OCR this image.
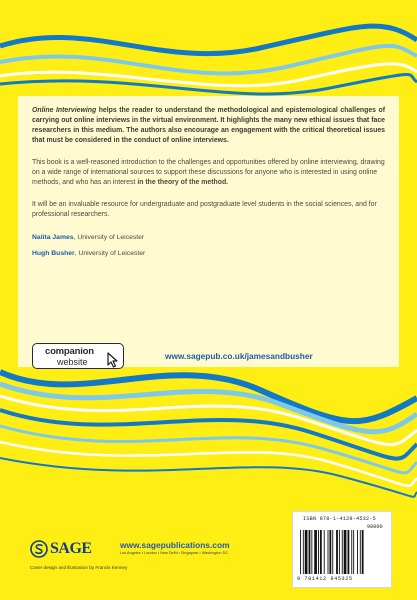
Online Interviewing helps the reader to understand the methodological and epistemological challenges of carrying out online interviews in the virtual environment. It highlights the many new ethical issues that face researchers in this medium. The authors also encourage an engagement with the critical theoretical issues that must be considered in the conduct of online interviews.

This book is a well-reasoned introduction to the challenges and opportunities offered by online interviewing, drawing on a wide range of international sources to support these discussions for anyone who is interested in using online methods, and who has an interest in the theory of the method.

It will be an invaluable resource for undergraduate and postgraduate level students in the social sciences, and for professional researchers.

Nalita James, University of Leicester

Hugh Busher, University of Leicester

companion
website
www.sagepub.co.uk/jamesandbusher
SAGE	www.sagepublications.com
Los Angeles • London • New Delhi • Singapore • Washington DC
Cover design and illustration by Francis Kenney
ISBN 978-1-4129-4532-5
90000
9 781412 945325
